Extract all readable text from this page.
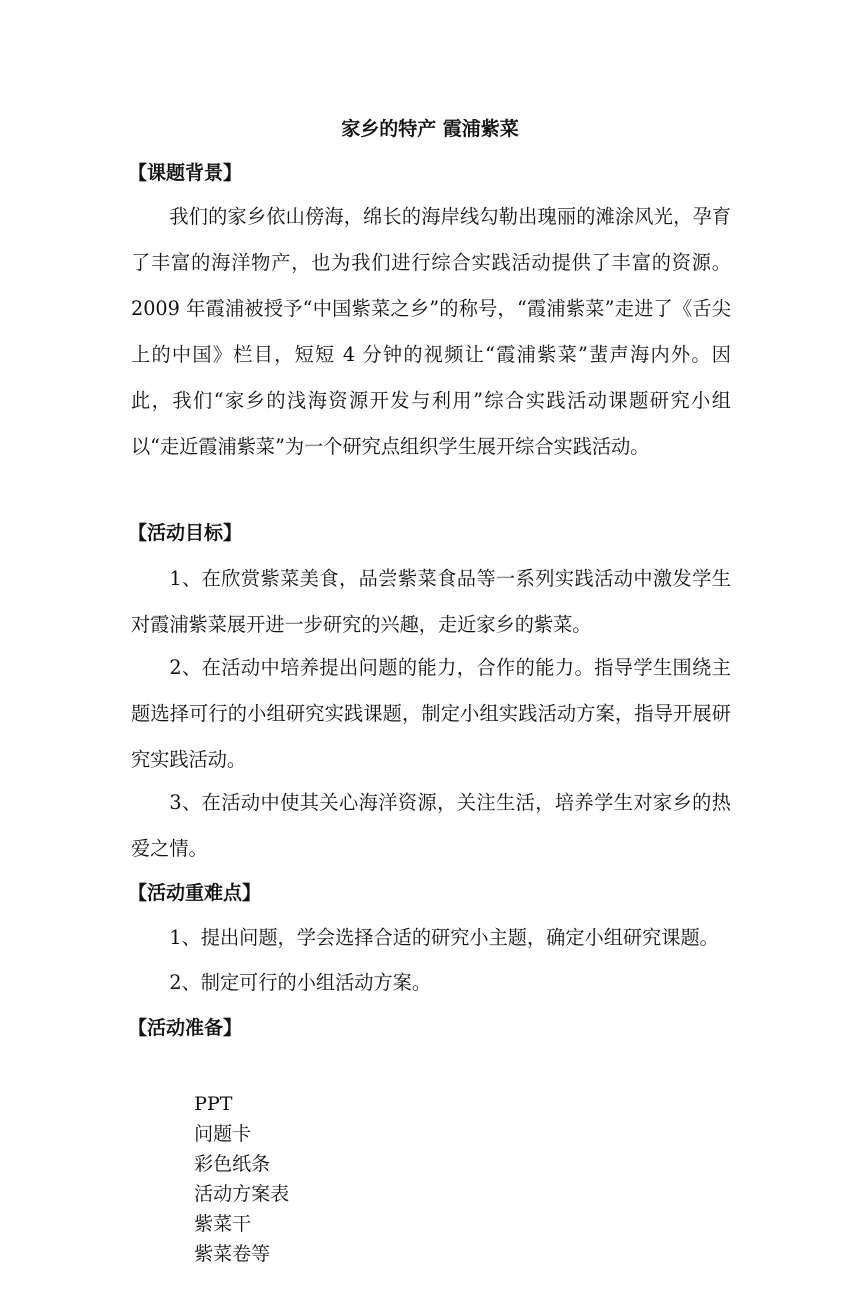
家乡的特产 霞浦紫菜
【课题背景】

我们的家乡依山傍海，绵长的海岸线勾勒出瑰丽的滩涂风光，孕育了丰富的海洋物产，也为我们进行综合实践活动提供了丰富的资源。2009 年霞浦被授予“中国紫菜之乡”的称号，“霞浦紫菜”走进了《舌尖上的中国》栏目，短短 4 分钟的视频让“霞浦紫菜”蜚声海内外。因此，我们“家乡的浅海资源开发与利用”综合实践活动课题研究小组以“走近霞浦紫菜”为一个研究点组织学生展开综合实践活动。

【活动目标】

1、在欣赏紫菜美食，品尝紫菜食品等一系列实践活动中激发学生对霞浦紫菜展开进一步研究的兴趣，走近家乡的紫菜。

2、在活动中培养提出问题的能力，合作的能力。指导学生围绕主题选择可行的小组研究实践课题，制定小组实践活动方案，指导开展研究实践活动。

3、在活动中使其关心海洋资源，关注生活，培养学生对家乡的热爱之情。

【活动重难点】

1、提出问题，学会选择合适的研究小主题，确定小组研究课题。

2、制定可行的小组活动方案。

【活动准备】

PPT
问题卡
彩色纸条
活动方案表
紫菜干
紫菜卷等
